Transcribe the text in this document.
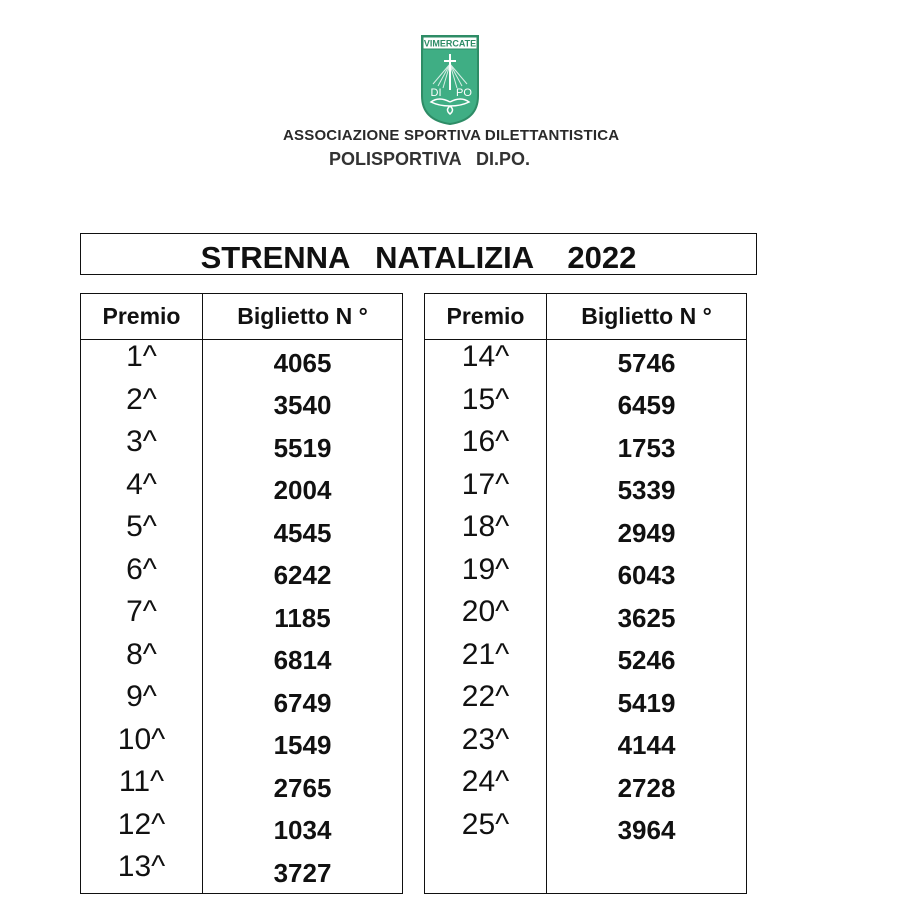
VIMERCATE
DI PO
ASSOCIAZIONE SPORTIVA DILETTANTISTICA
POLISPORTIVA   DI.PO.
STRENNA   NATALIZIA    2022
Premio	Biglietto N °
1^	4065
2^	3540
3^	5519
4^	2004
5^	4545
6^	6242
7^	1185
8^	6814
9^	6749
10^	1549
11^	2765
12^	1034
13^	3727
Premio	Biglietto N °
14^	5746
15^	6459
16^	1753
17^	5339
18^	2949
19^	6043
20^	3625
21^	5246
22^	5419
23^	4144
24^	2728
25^	3964
